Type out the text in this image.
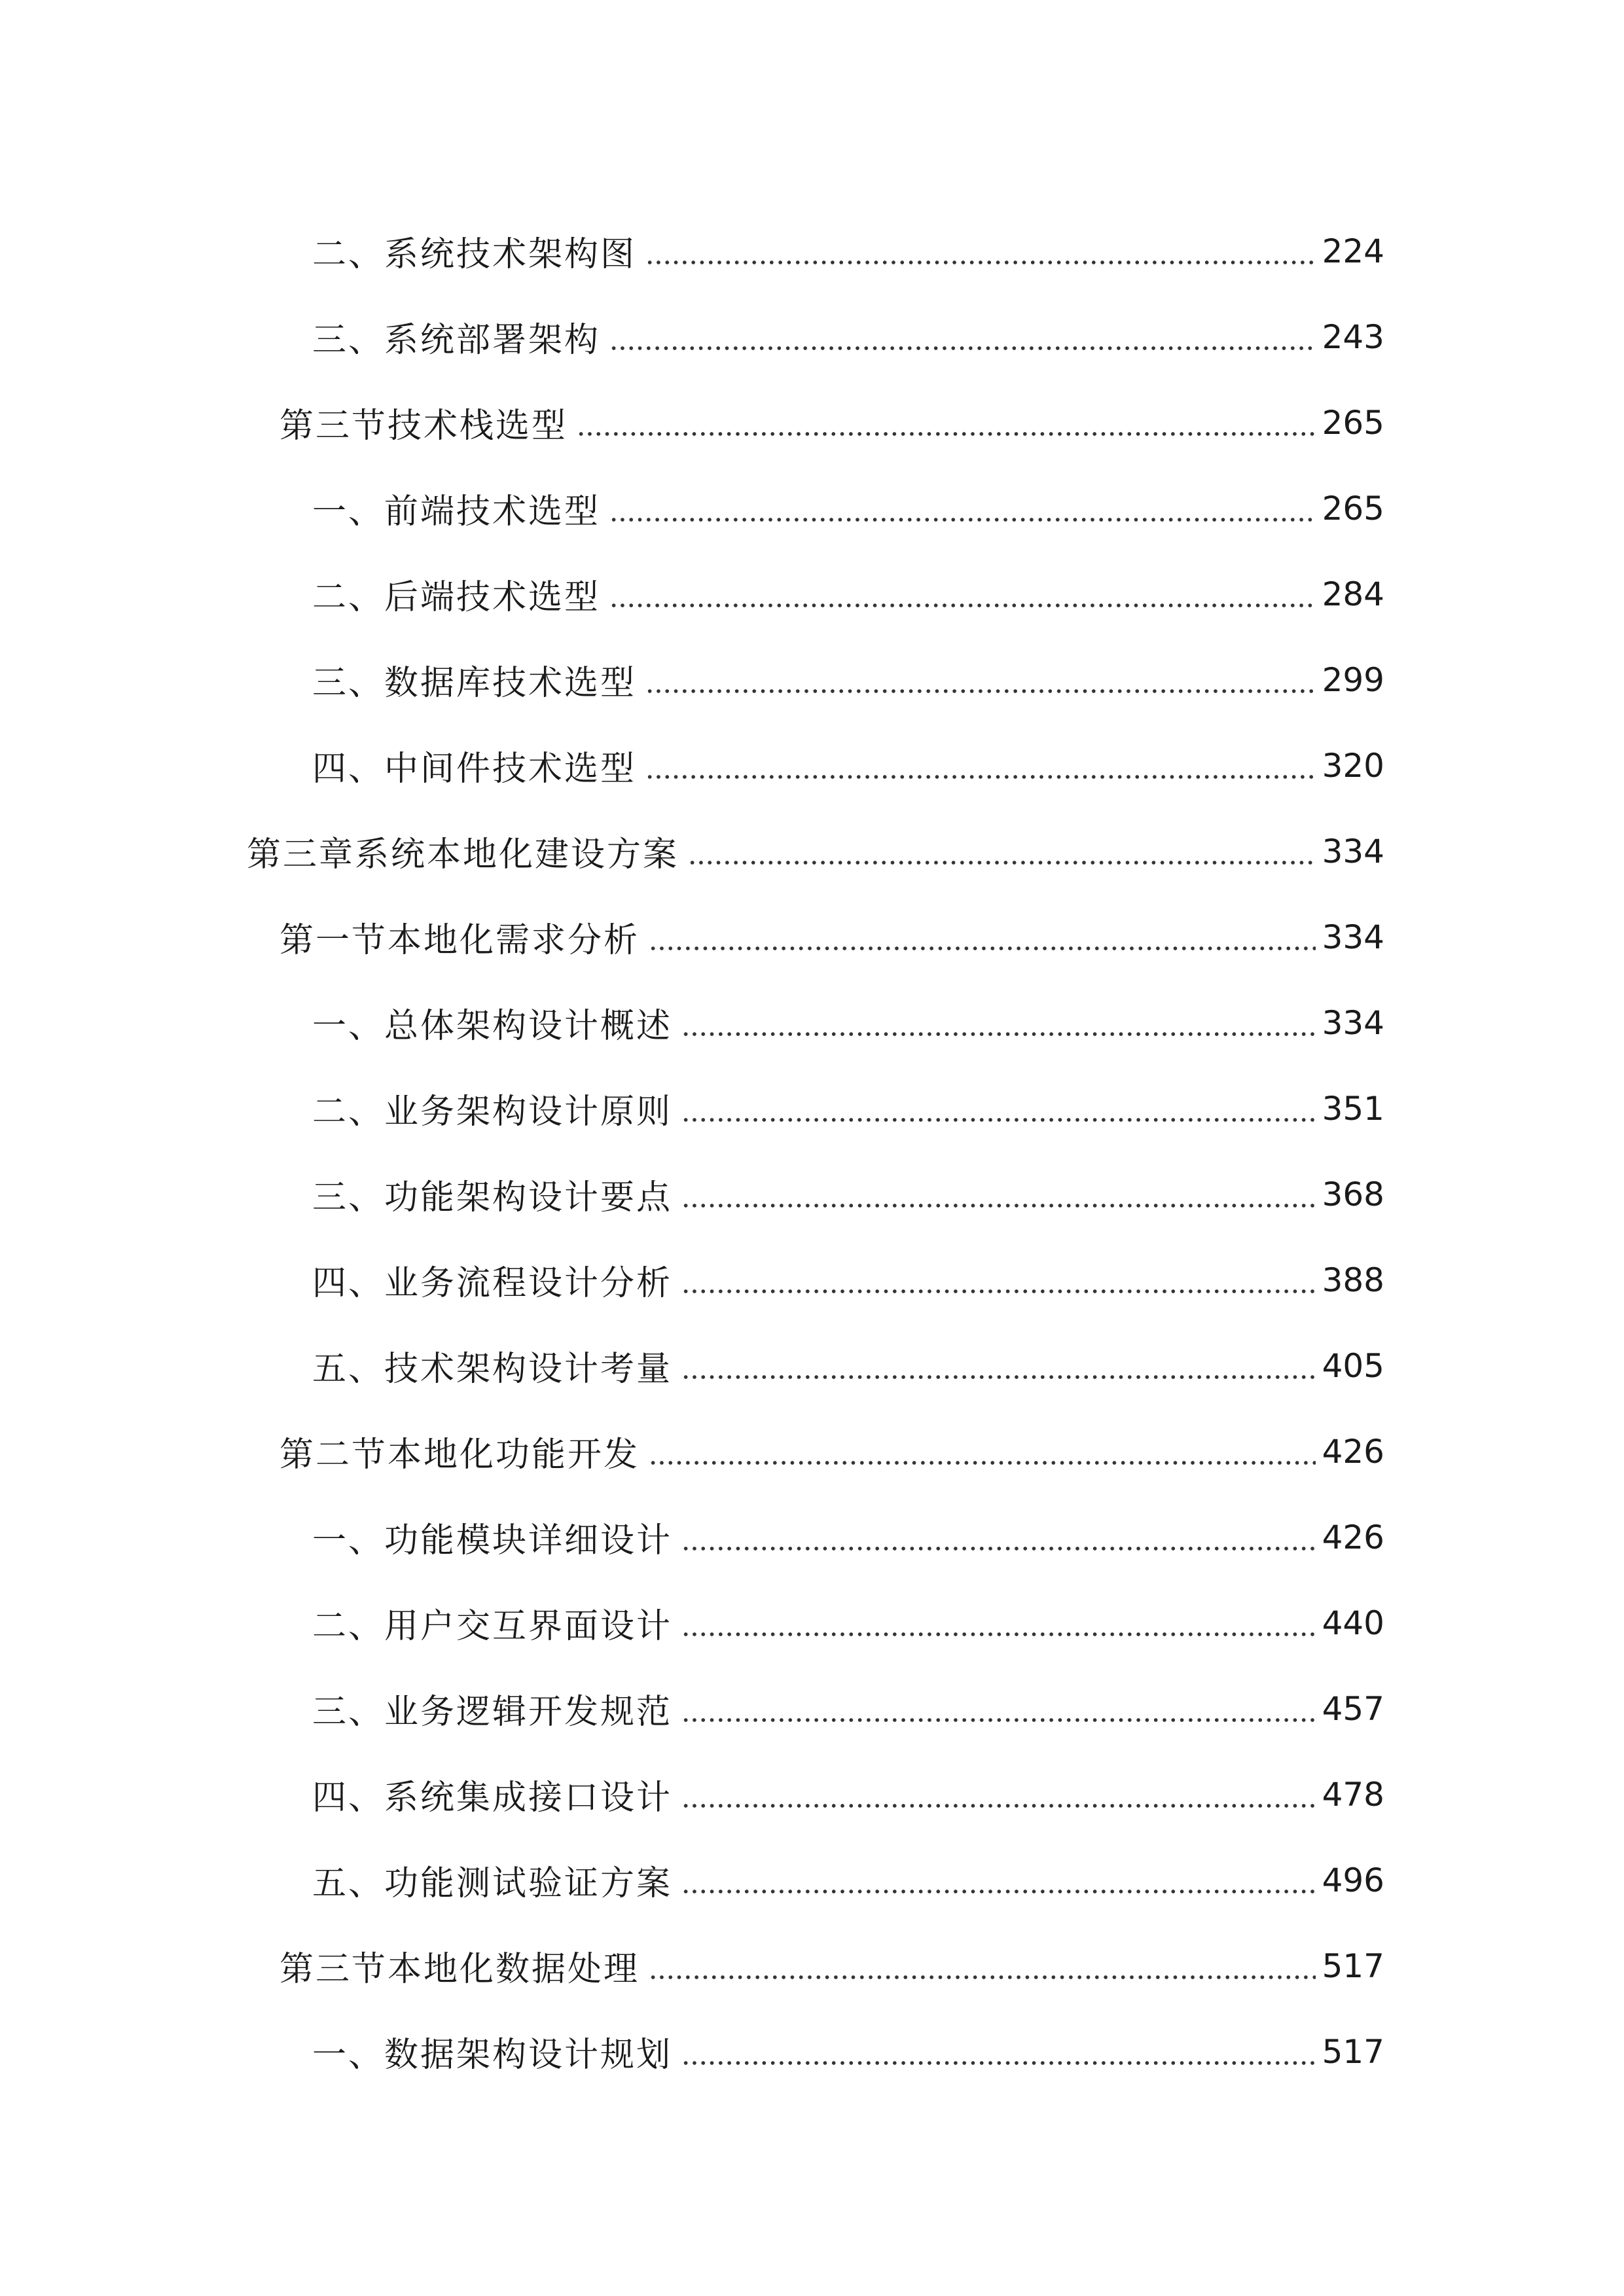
二、系统技术架构图	224
三、系统部署架构	243
第三节技术栈选型	265
一、前端技术选型	265
二、后端技术选型	284
三、数据库技术选型	299
四、中间件技术选型	320
第三章系统本地化建设方案	334
第一节本地化需求分析	334
一、总体架构设计概述	334
二、业务架构设计原则	351
三、功能架构设计要点	368
四、业务流程设计分析	388
五、技术架构设计考量	405
第二节本地化功能开发	426
一、功能模块详细设计	426
二、用户交互界面设计	440
三、业务逻辑开发规范	457
四、系统集成接口设计	478
五、功能测试验证方案	496
第三节本地化数据处理	517
一、数据架构设计规划	517
